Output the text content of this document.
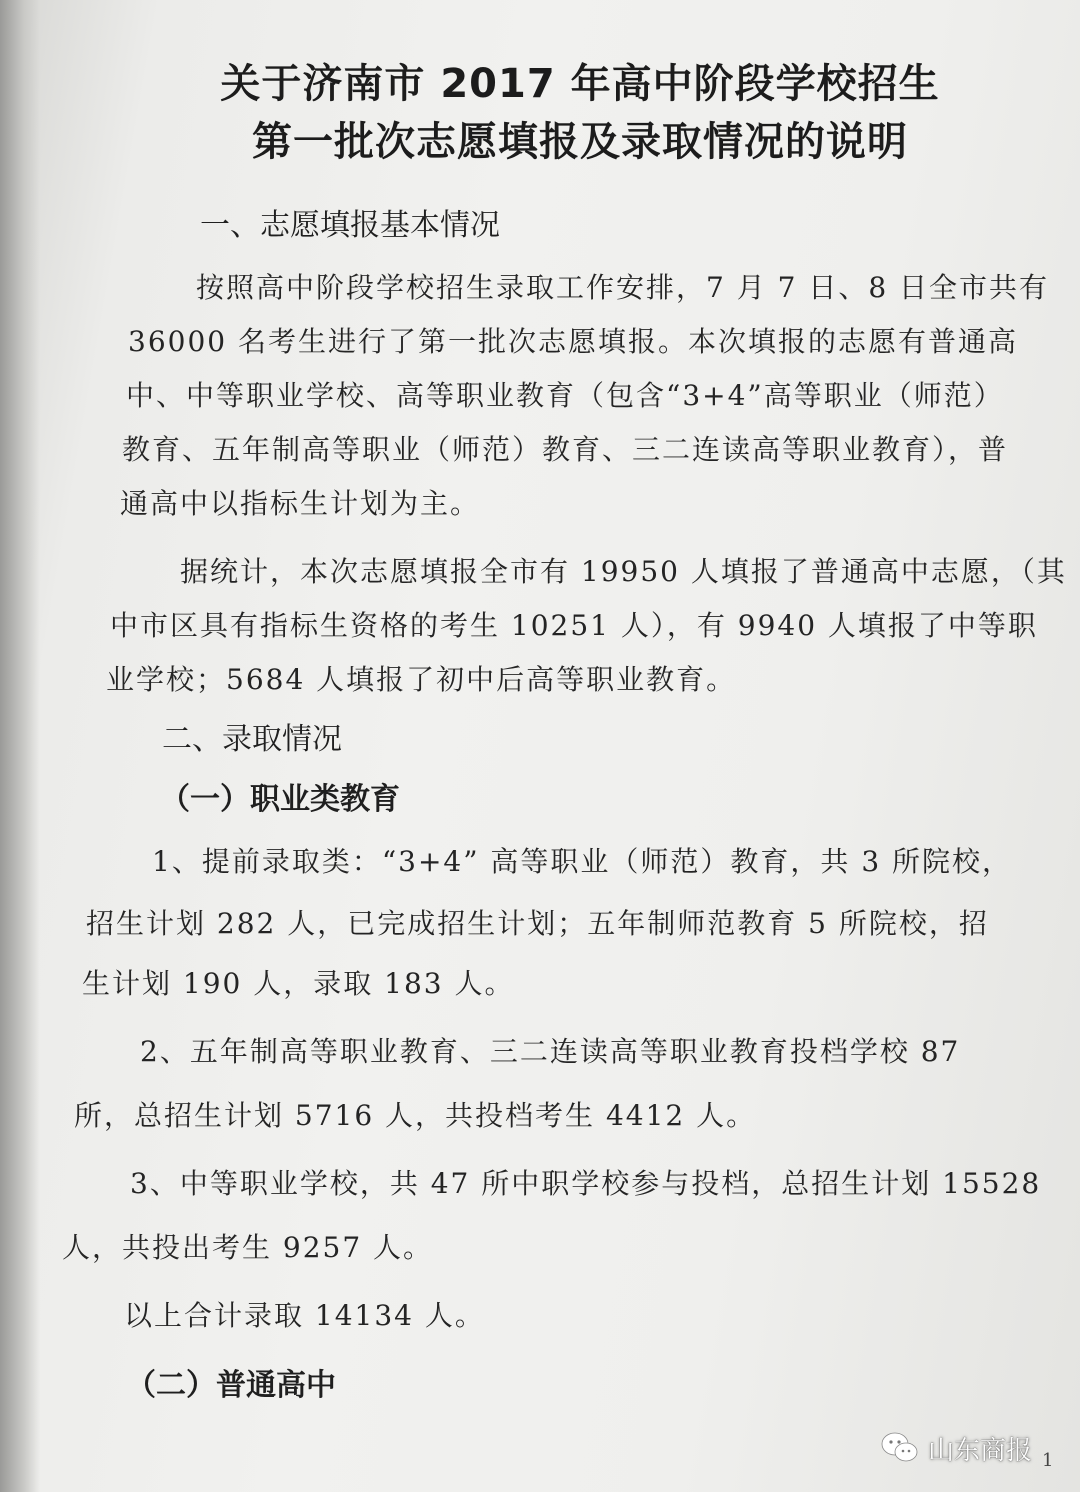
关于济南市 2017 年高中阶段学校招生
第一批次志愿填报及录取情况的说明
一、志愿填报基本情况
按照高中阶段学校招生录取工作安排，7 月 7 日、8 日全市共有
36000 名考生进行了第一批次志愿填报。本次填报的志愿有普通高
中、中等职业学校、高等职业教育（包含“3+4”高等职业（师范）
教育、五年制高等职业（师范）教育、三二连读高等职业教育），普
通高中以指标生计划为主。
据统计，本次志愿填报全市有 19950 人填报了普通高中志愿，（其
中市区具有指标生资格的考生 10251 人），有 9940 人填报了中等职
业学校；5684 人填报了初中后高等职业教育。
二、录取情况
（一）职业类教育
1、提前录取类：“3+4” 高等职业（师范）教育，共 3 所院校，
招生计划 282 人，已完成招生计划；五年制师范教育 5 所院校，招
生计划 190 人，录取 183 人。
2、五年制高等职业教育、三二连读高等职业教育投档学校 87
所，总招生计划 5716 人，共投档考生 4412 人。
3、中等职业学校，共 47 所中职学校参与投档，总招生计划 15528
人，共投出考生 9257 人。
以上合计录取 14134 人。
（二）普通高中
山东商报 1
